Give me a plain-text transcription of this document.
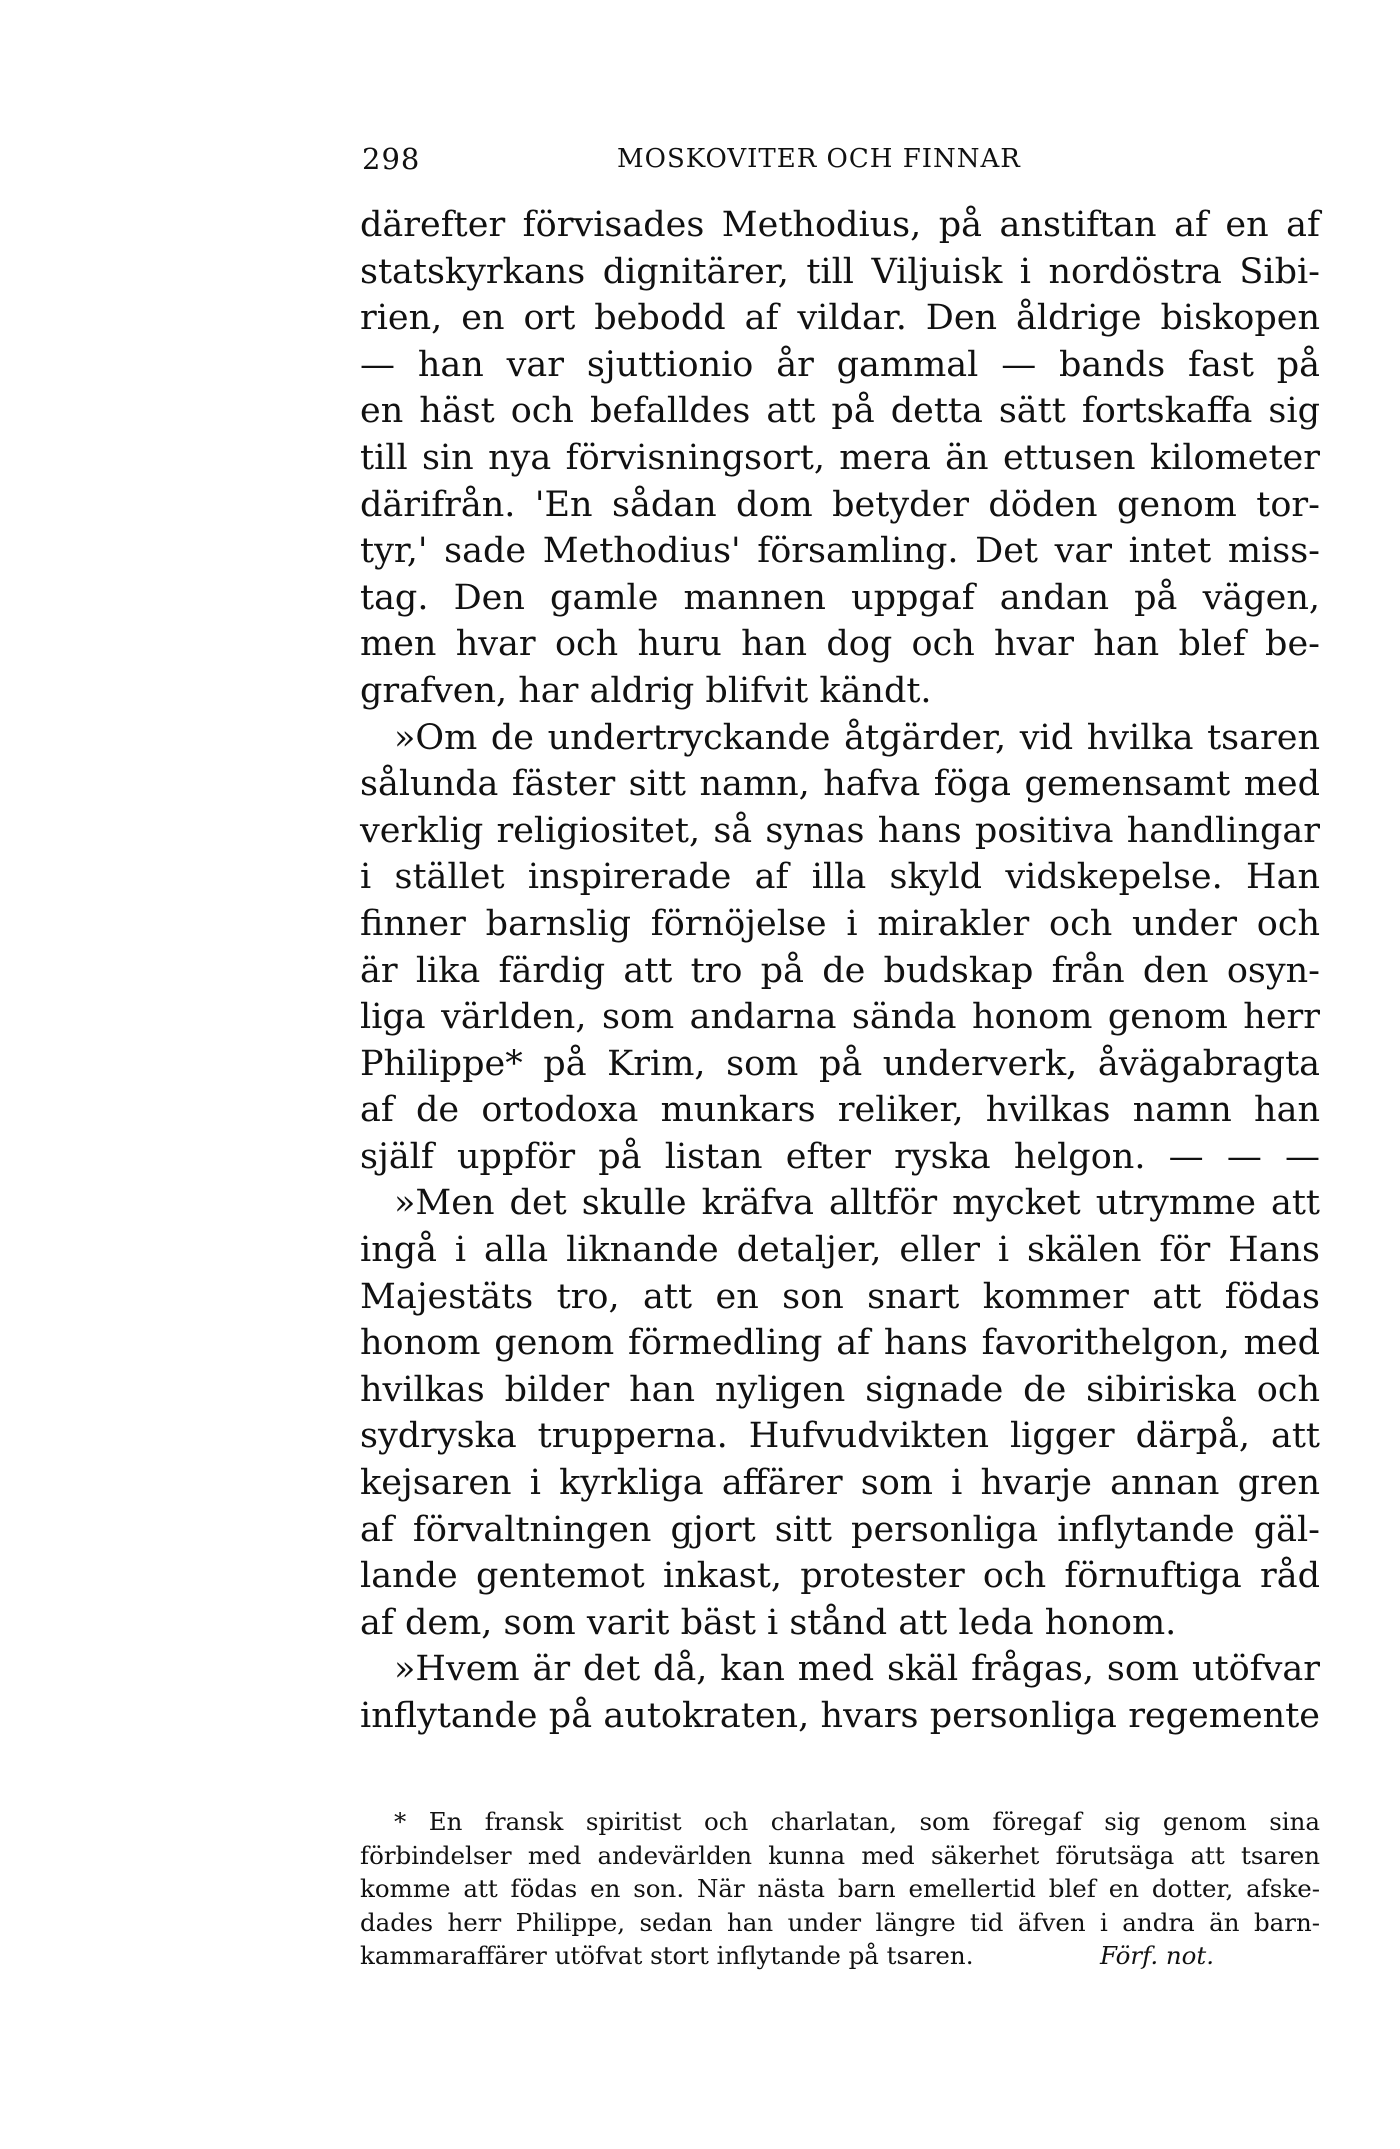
298	MOSKOVITER OCH FINNAR
därefter förvisades Methodius, på anstiftan af en af
statskyrkans dignitärer, till Viljuisk i nordöstra Sibi-
rien, en ort bebodd af vildar. Den åldrige biskopen
— han var sjuttionio år gammal — bands fast på
en häst och befalldes att på detta sätt fortskaffa sig
till sin nya förvisningsort, mera än ettusen kilometer
därifrån. 'En sådan dom betyder döden genom tor-
tyr,' sade Methodius' församling. Det var intet miss-
tag. Den gamle mannen uppgaf andan på vägen,
men hvar och huru han dog och hvar han blef be-
grafven, har aldrig blifvit kändt.
»Om de undertryckande åtgärder, vid hvilka tsaren
sålunda fäster sitt namn, hafva föga gemensamt med
verklig religiositet, så synas hans positiva handlingar
i stället inspirerade af illa skyld vidskepelse. Han
finner barnslig förnöjelse i mirakler och under och
är lika färdig att tro på de budskap från den osyn-
liga världen, som andarna sända honom genom herr
Philippe* på Krim, som på underverk, åvägabragta
af de ortodoxa munkars reliker, hvilkas namn han
själf uppför på listan efter ryska helgon. — — —
»Men det skulle kräfva alltför mycket utrymme att
ingå i alla liknande detaljer, eller i skälen för Hans
Majestäts tro, att en son snart kommer att födas
honom genom förmedling af hans favorithelgon, med
hvilkas bilder han nyligen signade de sibiriska och
sydryska trupperna. Hufvudvikten ligger därpå, att
kejsaren i kyrkliga affärer som i hvarje annan gren
af förvaltningen gjort sitt personliga inflytande gäl-
lande gentemot inkast, protester och förnuftiga råd
af dem, som varit bäst i stånd att leda honom.
»Hvem är det då, kan med skäl frågas, som utöfvar
inflytande på autokraten, hvars personliga regemente
* En fransk spiritist och charlatan, som föregaf sig genom sina
förbindelser med andevärlden kunna med säkerhet förutsäga att tsaren
komme att födas en son. När nästa barn emellertid blef en dotter, afske-
dades herr Philippe, sedan han under längre tid äfven i andra än barn-
kammaraffärer utöfvat stort inflytande på tsaren.	Förf. not.
